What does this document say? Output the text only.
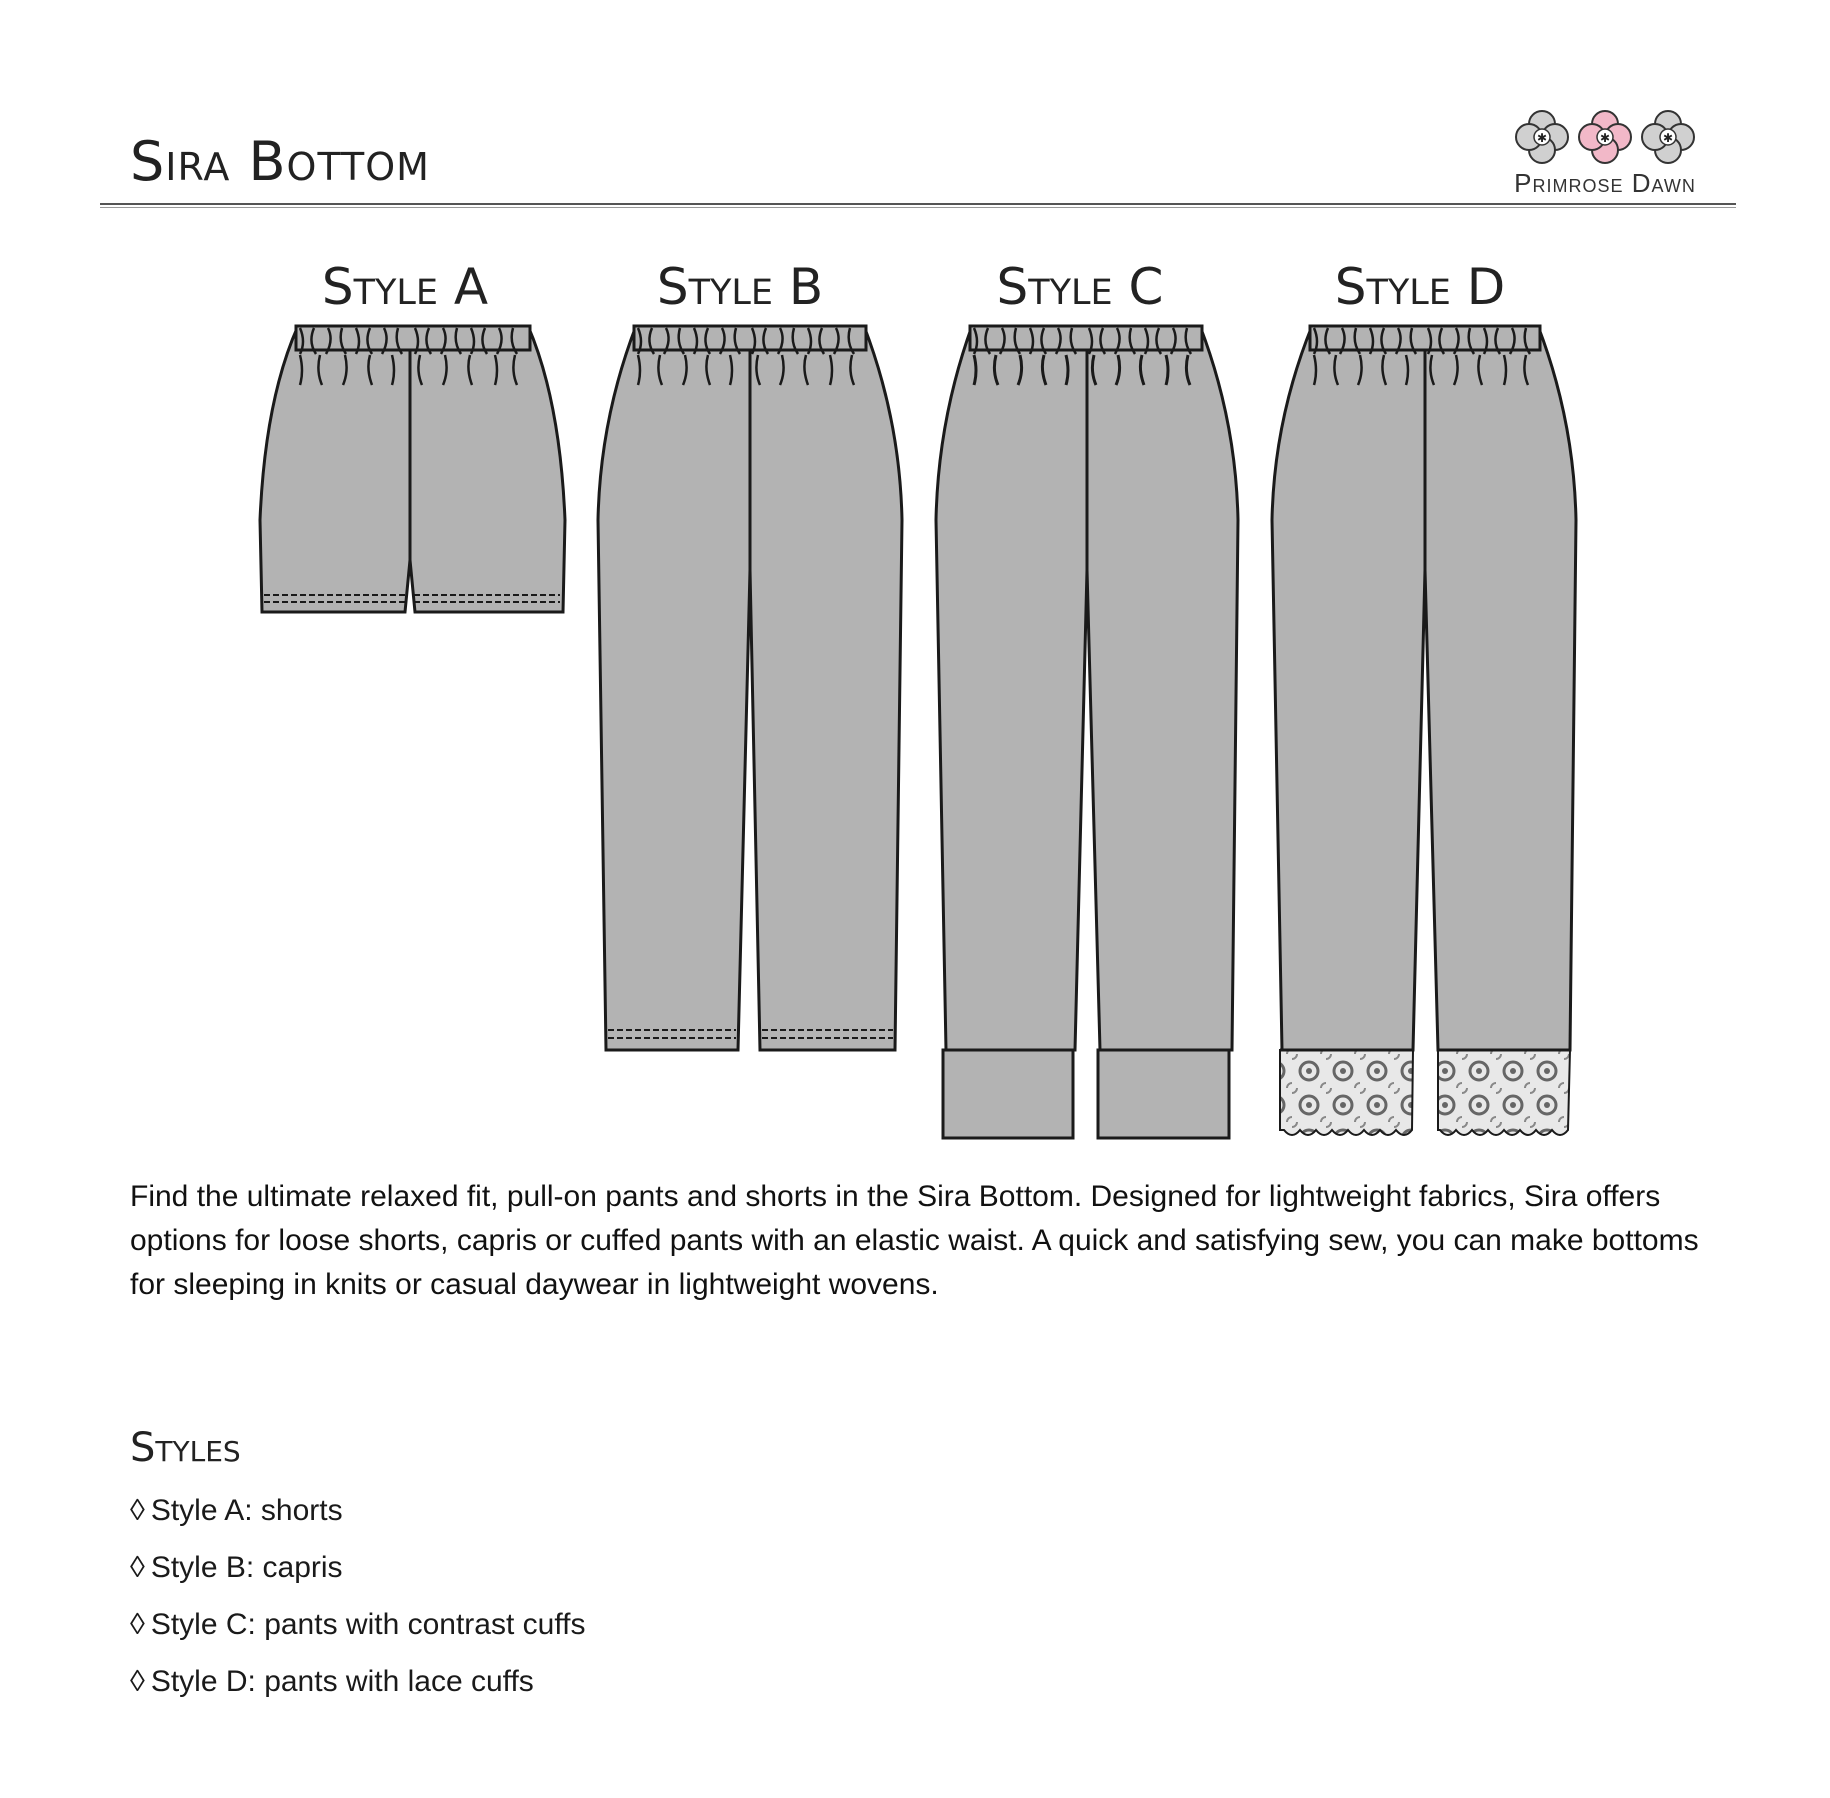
Sira Bottom	✱	✱	✱
Primrose Dawn
Style A	Style B	Style C	Style D
Find the ultimate relaxed fit, pull-on pants and shorts in the Sira Bottom. Designed for lightweight fabrics, Sira offers options for loose shorts, capris or cuffed pants with an elastic waist. A quick and satisfying sew, you can make bottoms for sleeping in knits or casual daywear in lightweight wovens.
Styles
◊ Style A: shorts
◊ Style B: capris
◊ Style C: pants with contrast cuffs
◊ Style D: pants with lace cuffs
